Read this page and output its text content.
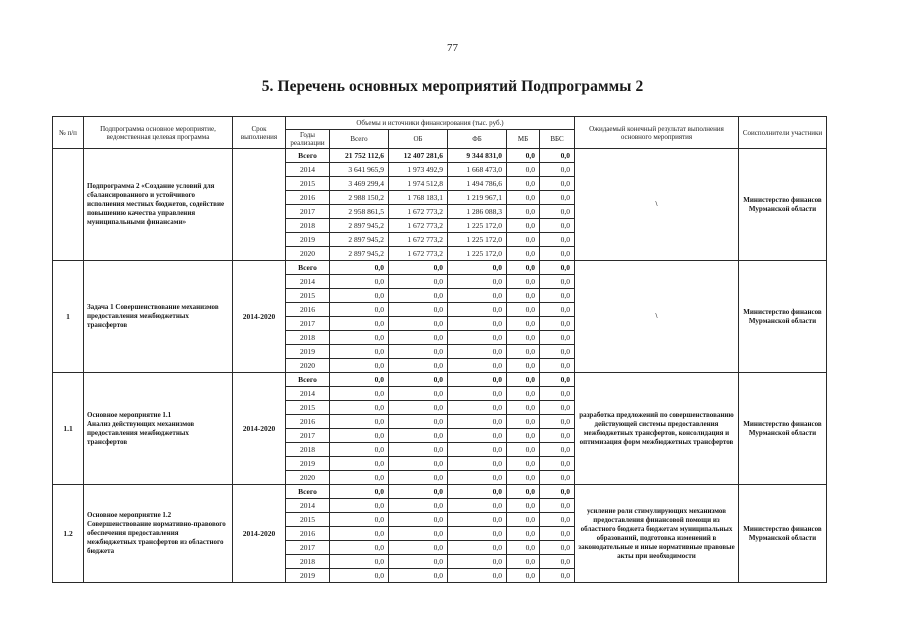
77
5. Перечень основных мероприятий Подпрограммы 2
№ п/п	Подпрограмма основное мероприятие, ведомственная целевая программа	Срок выполнения	Объемы и источники финансирования (тыс. руб.)						Ожидаемый конечный результат выполнения основного мероприятия	Соисполнители участники
			Годы реализации	Всего	ОБ	ФБ	МБ	ВБС		
	Подпрограмма 2 «Создание условий для сбалансированного и устойчивого исполнения местных бюджетов, содействие повышению качества управления муниципальными финансами»		Всего	21 752 112,6	12 407 281,6	9 344 831,0	0,0	0,0	\	Министерство финансов Мурманской области
			2014	3 641 965,9	1 973 492,9	1 668 473,0	0,0	0,0		
			2015	3 469 299,4	1 974 512,8	1 494 786,6	0,0	0,0		
			2016	2 988 150,2	1 768 183,1	1 219 967,1	0,0	0,0		
			2017	2 958 861,5	1 672 773,2	1 286 088,3	0,0	0,0		
			2018	2 897 945,2	1 672 773,2	1 225 172,0	0,0	0,0		
			2019	2 897 945,2	1 672 773,2	1 225 172,0	0,0	0,0		
			2020	2 897 945,2	1 672 773,2	1 225 172,0	0,0	0,0		
1	Задача 1 Совершенствование механизмов предоставления межбюджетных трансфертов	2014-2020	Всего	0,0	0,0	0,0	0,0	0,0	\	Министерство финансов Мурманской области
			2014	0,0	0,0	0,0	0,0	0,0		
			2015	0,0	0,0	0,0	0,0	0,0		
			2016	0,0	0,0	0,0	0,0	0,0		
			2017	0,0	0,0	0,0	0,0	0,0		
			2018	0,0	0,0	0,0	0,0	0,0		
			2019	0,0	0,0	0,0	0,0	0,0		
			2020	0,0	0,0	0,0	0,0	0,0		
1.1	Основное мероприятие 1.1
Анализ действующих механизмов предоставления межбюджетных трансфертов	2014-2020	Всего	0,0	0,0	0,0	0,0	0,0	разработка предложений по совершенствованию действующей системы предоставления межбюджетных трансфертов, консолидация и оптимизация форм межбюджетных трансфертов	Министерство финансов Мурманской области
			2014	0,0	0,0	0,0	0,0	0,0		
			2015	0,0	0,0	0,0	0,0	0,0		
			2016	0,0	0,0	0,0	0,0	0,0		
			2017	0,0	0,0	0,0	0,0	0,0		
			2018	0,0	0,0	0,0	0,0	0,0		
			2019	0,0	0,0	0,0	0,0	0,0		
			2020	0,0	0,0	0,0	0,0	0,0		
1.2	Основное мероприятие 1.2
Совершенствование нормативно-правового обеспечения предоставления межбюджетных трансфертов из областного бюджета	2014-2020	Всего	0,0	0,0	0,0	0,0	0,0	усиление роли стимулирующих механизмов предоставления финансовой помощи из областного бюджета бюджетам муниципальных образований, подготовка изменений в законодательные и иные нормативные правовые акты при необходимости	Министерство финансов Мурманской области
			2014	0,0	0,0	0,0	0,0	0,0		
			2015	0,0	0,0	0,0	0,0	0,0		
			2016	0,0	0,0	0,0	0,0	0,0		
			2017	0,0	0,0	0,0	0,0	0,0		
			2018	0,0	0,0	0,0	0,0	0,0		
			2019	0,0	0,0	0,0	0,0	0,0		
